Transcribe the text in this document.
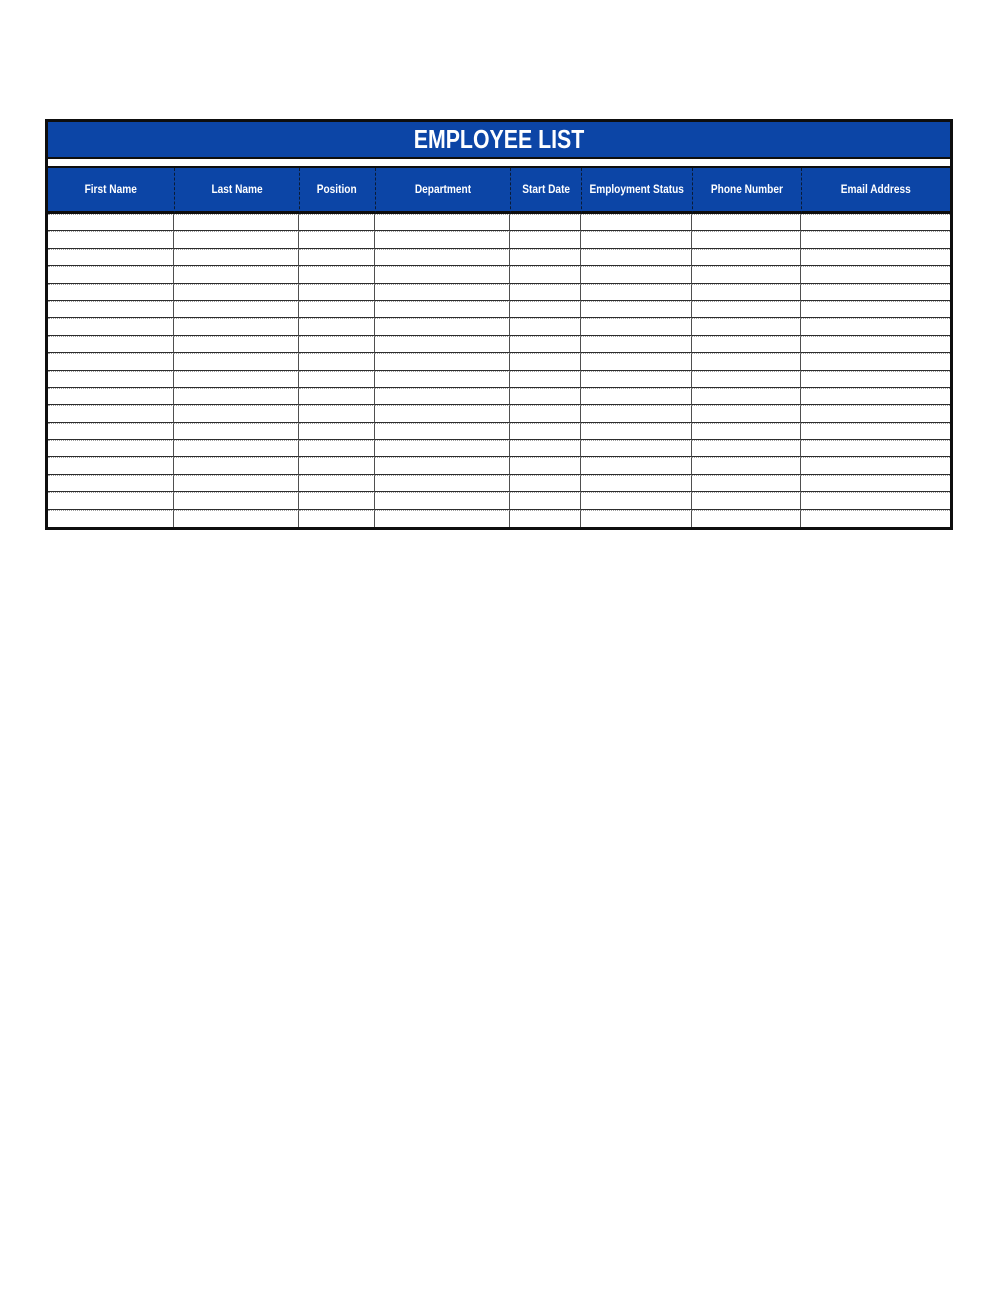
EMPLOYEE LIST
First Name	Last Name	Position	Department	Start Date	Employment Status	Phone Number	Email Address
